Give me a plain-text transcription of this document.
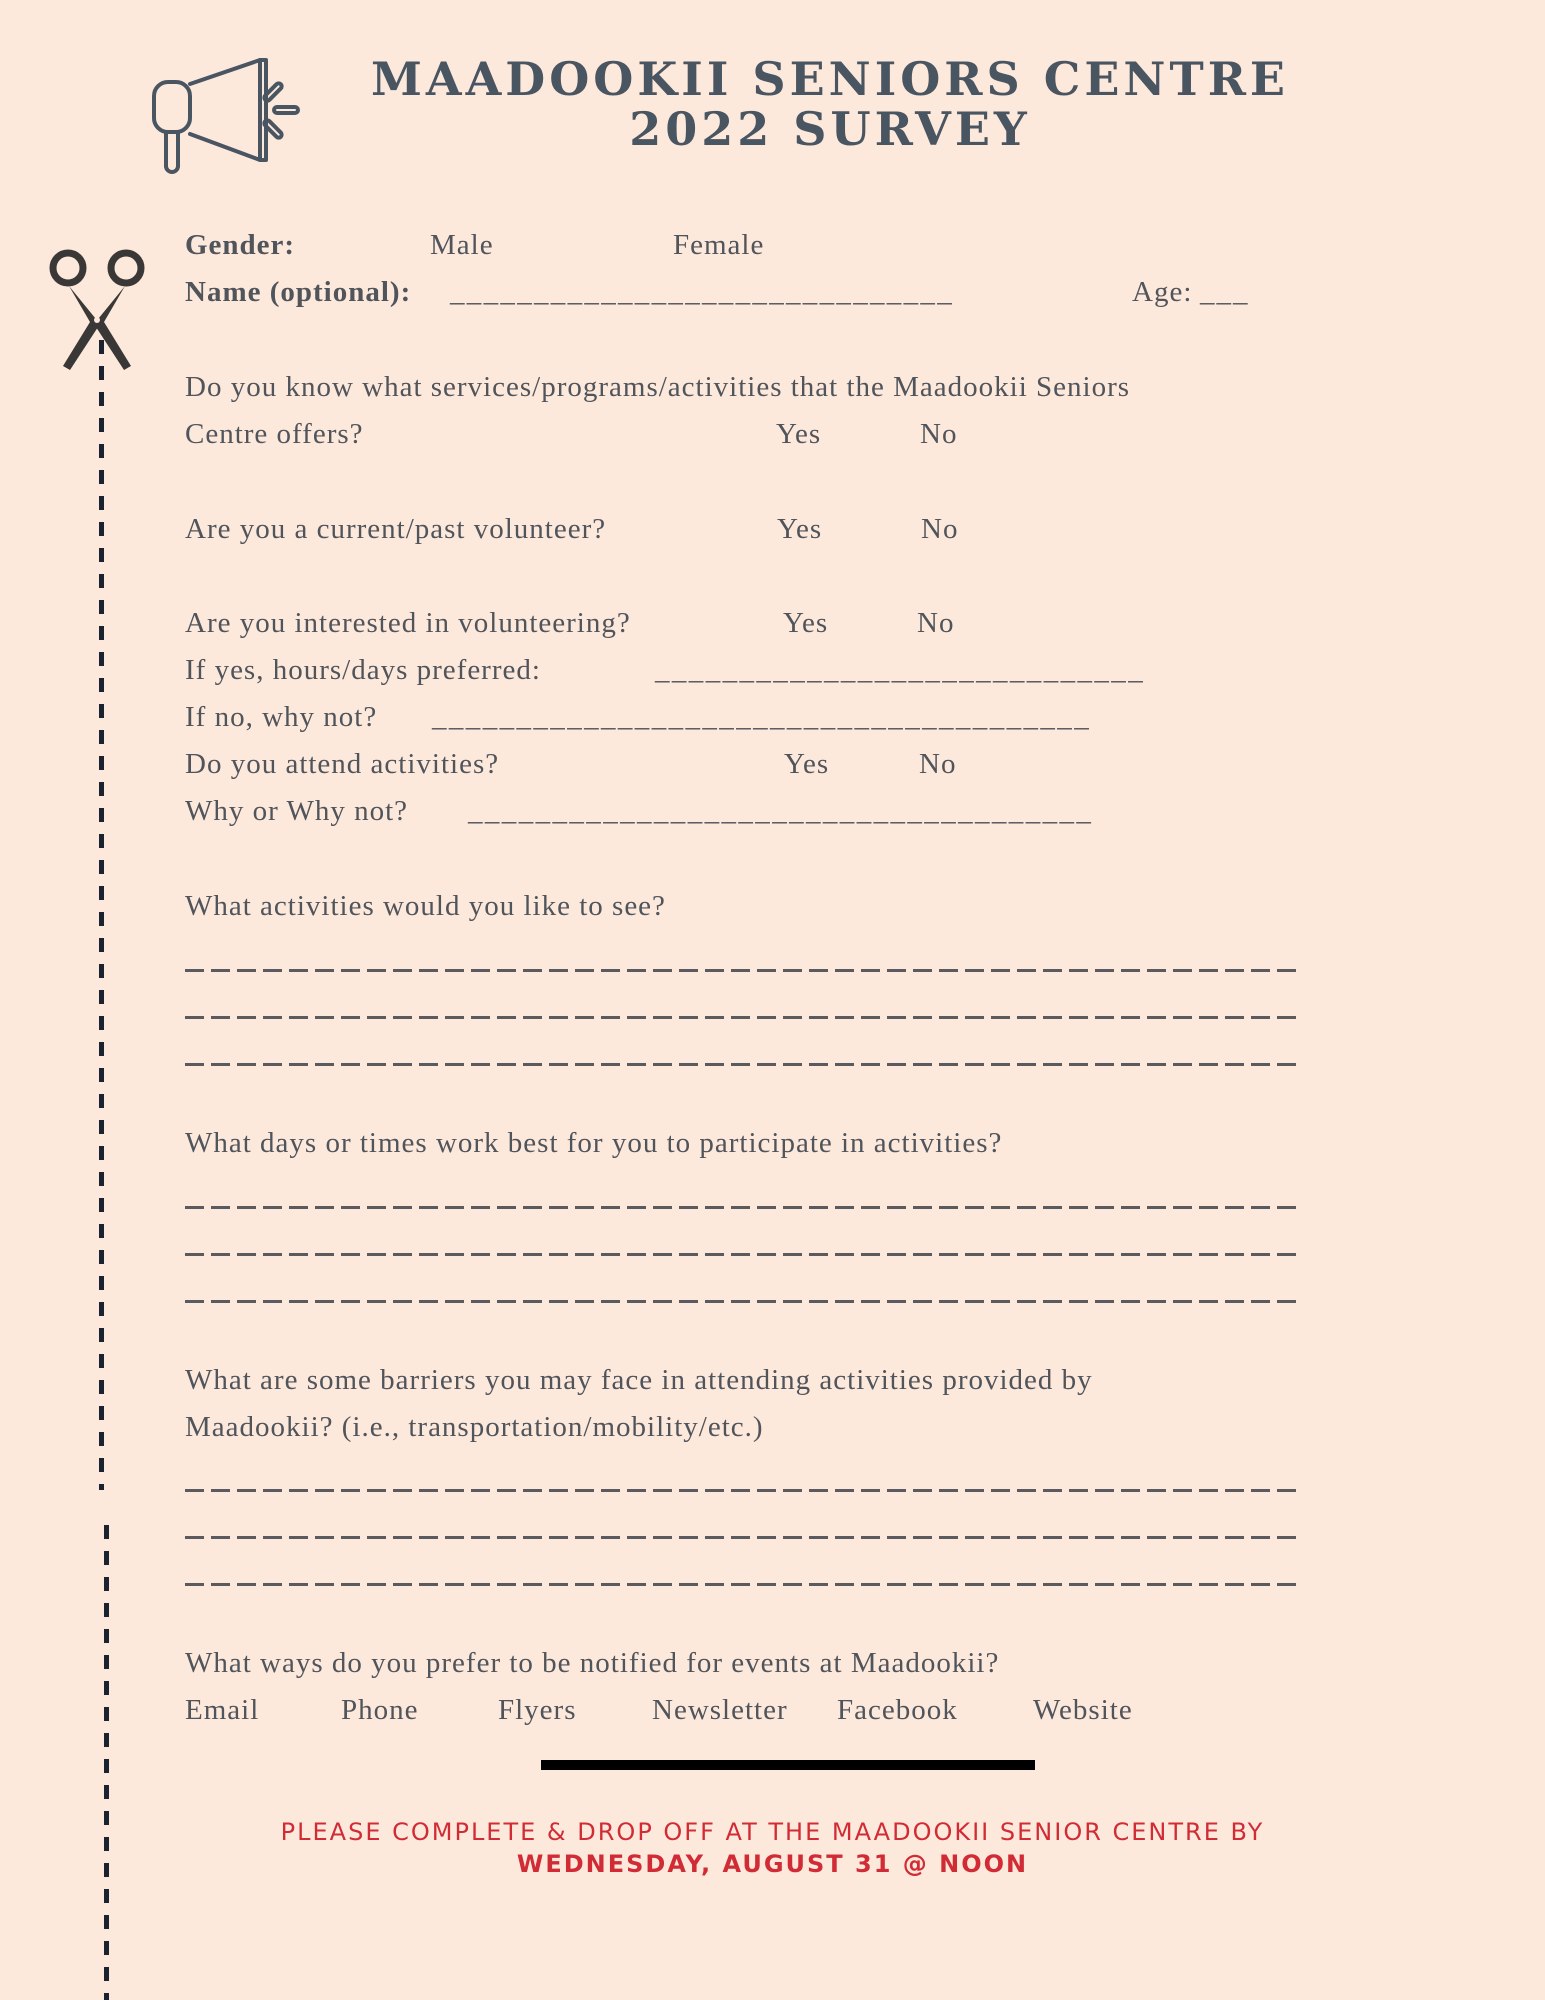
MAADOOKII SENIORS CENTRE
2022 SURVEY
Gender:	Male	Female
Name (optional): ______________________________	Age: ___
Do you know what services/programs/activities that the Maadookii Seniors
Centre offers?	Yes	No
Are you a current/past volunteer?	Yes	No
Are you interested in volunteering?	Yes	No
If yes, hours/days preferred:	_____________________________
If no, why not? _______________________________________
Do you attend activities?	Yes	No
Why or Why not? _____________________________________
What activities would you like to see?
What days or times work best for you to participate in activities?
What are some barriers you may face in attending activities provided by
Maadookii? (i.e., transportation/mobility/etc.)
What ways do you prefer to be notified for events at Maadookii?
Email	Phone	Flyers	Newsletter Facebook	Website
PLEASE COMPLETE & DROP OFF AT THE MAADOOKII SENIOR CENTRE BY
WEDNESDAY, AUGUST 31 @ NOON
